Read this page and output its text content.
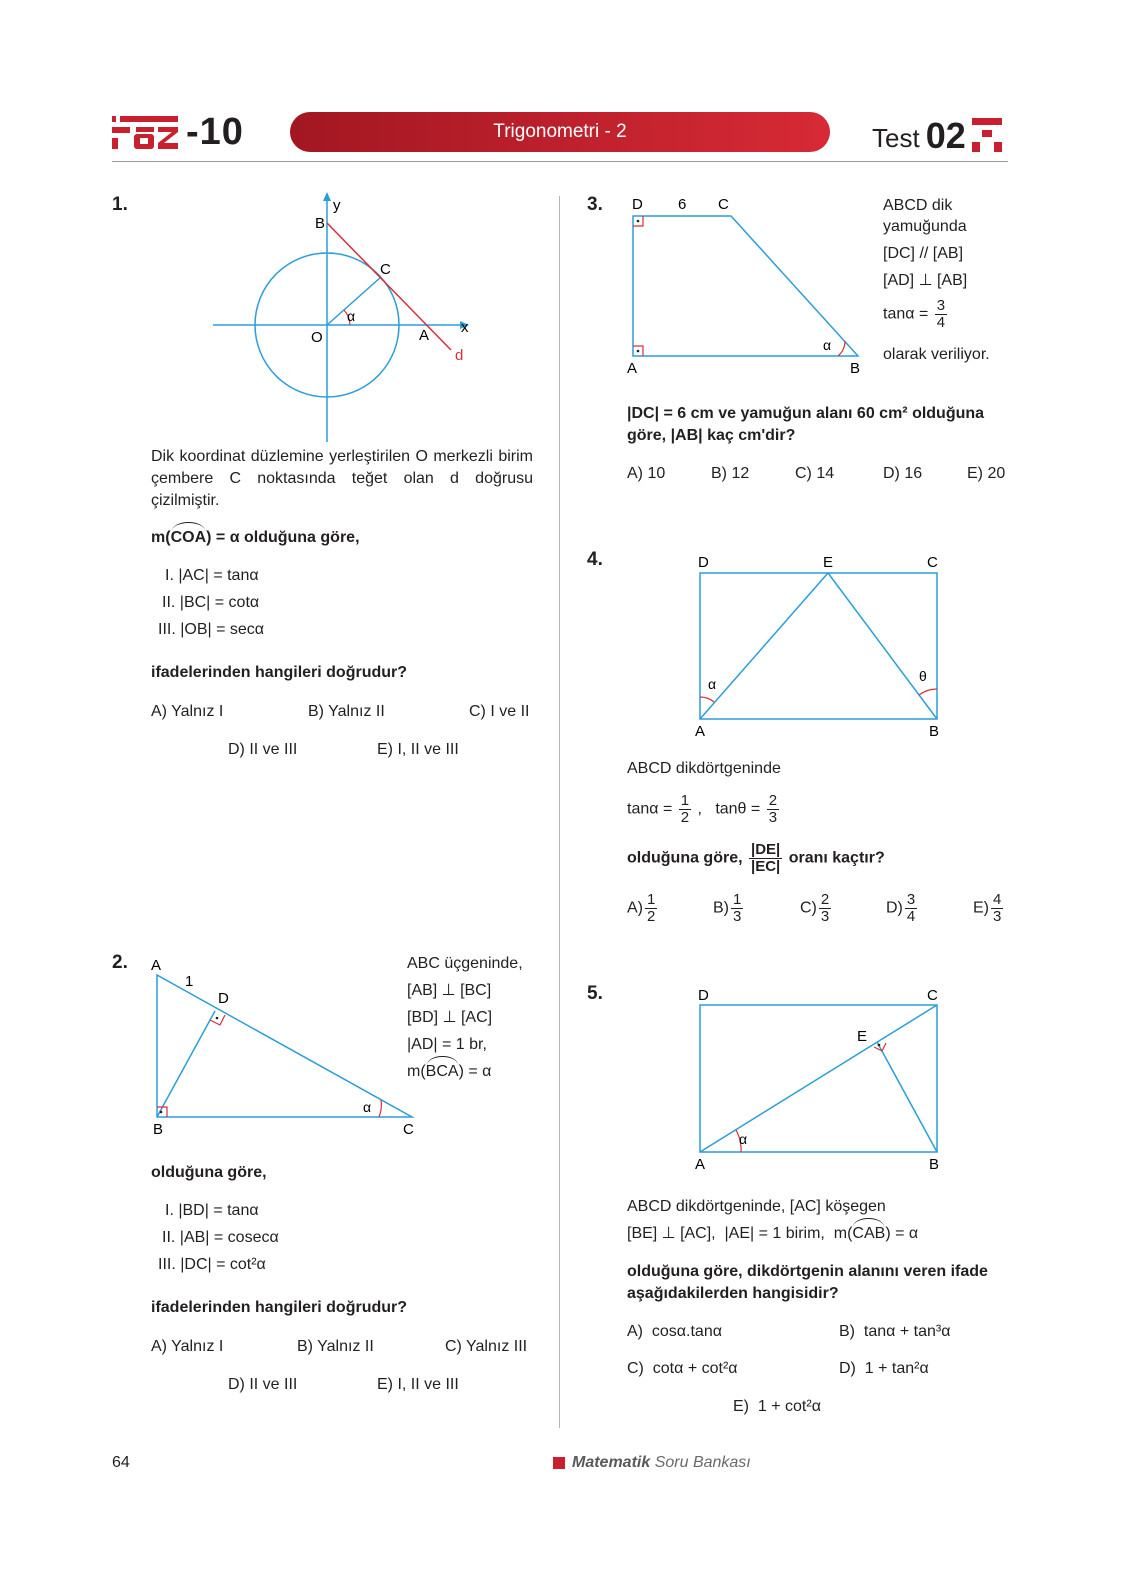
-10	Trigonometri - 2	Test 02
1.	y
B
C
α
x
O	A
d
Dik koordinat düzlemine yerleştirilen O merkezli birim çembere C noktasında teğet olan d doğrusu çizilmiştir.
m(COA) = α olduğuna göre,
I. |AC| = tanα
II. |BC| = cotα
III. |OB| = secα
ifadelerinden hangileri doğrudur?
A) Yalnız I	B) Yalnız II	C) I ve II
D) II ve III	E) I, II ve III
2. A
1
D
α
B	C
ABC üçgeninde,
[AB] ⊥ [BC]
[BD] ⊥ [AC]
|AD| = 1 br,
m(BCA) = α
olduğuna göre,
I. |BD| = tanα
II. |AB| = cosecα
III. |DC| = cot²α
ifadelerinden hangileri doğrudur?
A) Yalnız I	B) Yalnız II	C) Yalnız III
D) II ve III	E) I, II ve III
3. D 6 C
α
A	B
ABCD dik
yamuğunda
[DC] // [AB]
[AD] ⊥ [AB]
$\tan\alpha = \frac{3}{4}$
olarak veriliyor.
|DC| = 6 cm ve yamuğun alanı 60 cm² olduğuna göre, |AB| kaç cm'dir?
A) 10	B) 12	C) 14	D) 16	E) 20
4.	D	E	C
α	θ
A	B
ABCD dikdörtgeninde
$\tan\alpha = \frac{1}{2}$ ,   $\tan\theta = \frac{2}{3}$
olduğuna göre, $\frac{|DE|}{|EC|}$ oranı kaçtır?
$A) \frac{1}{2}$	$B) \frac{1}{3}$	$C) \frac{2}{3}$	$D) \frac{3}{4}$	$E) \frac{4}{3}$
5.	D	C
E
α
A	B
ABCD dikdörtgeninde, [AC] köşegen
[BE] ⊥ [AC],  |AE| = 1 birim,  m(CAB) = α
olduğuna göre, dikdörtgenin alanını veren ifade aşağıdakilerden hangisidir?
A)  cosα.tanα	B)  tanα + tan³α
C)  cotα + cot²α	D)  1 + tan²α
E)  1 + cot²α
64	Matematik Soru Bankası
